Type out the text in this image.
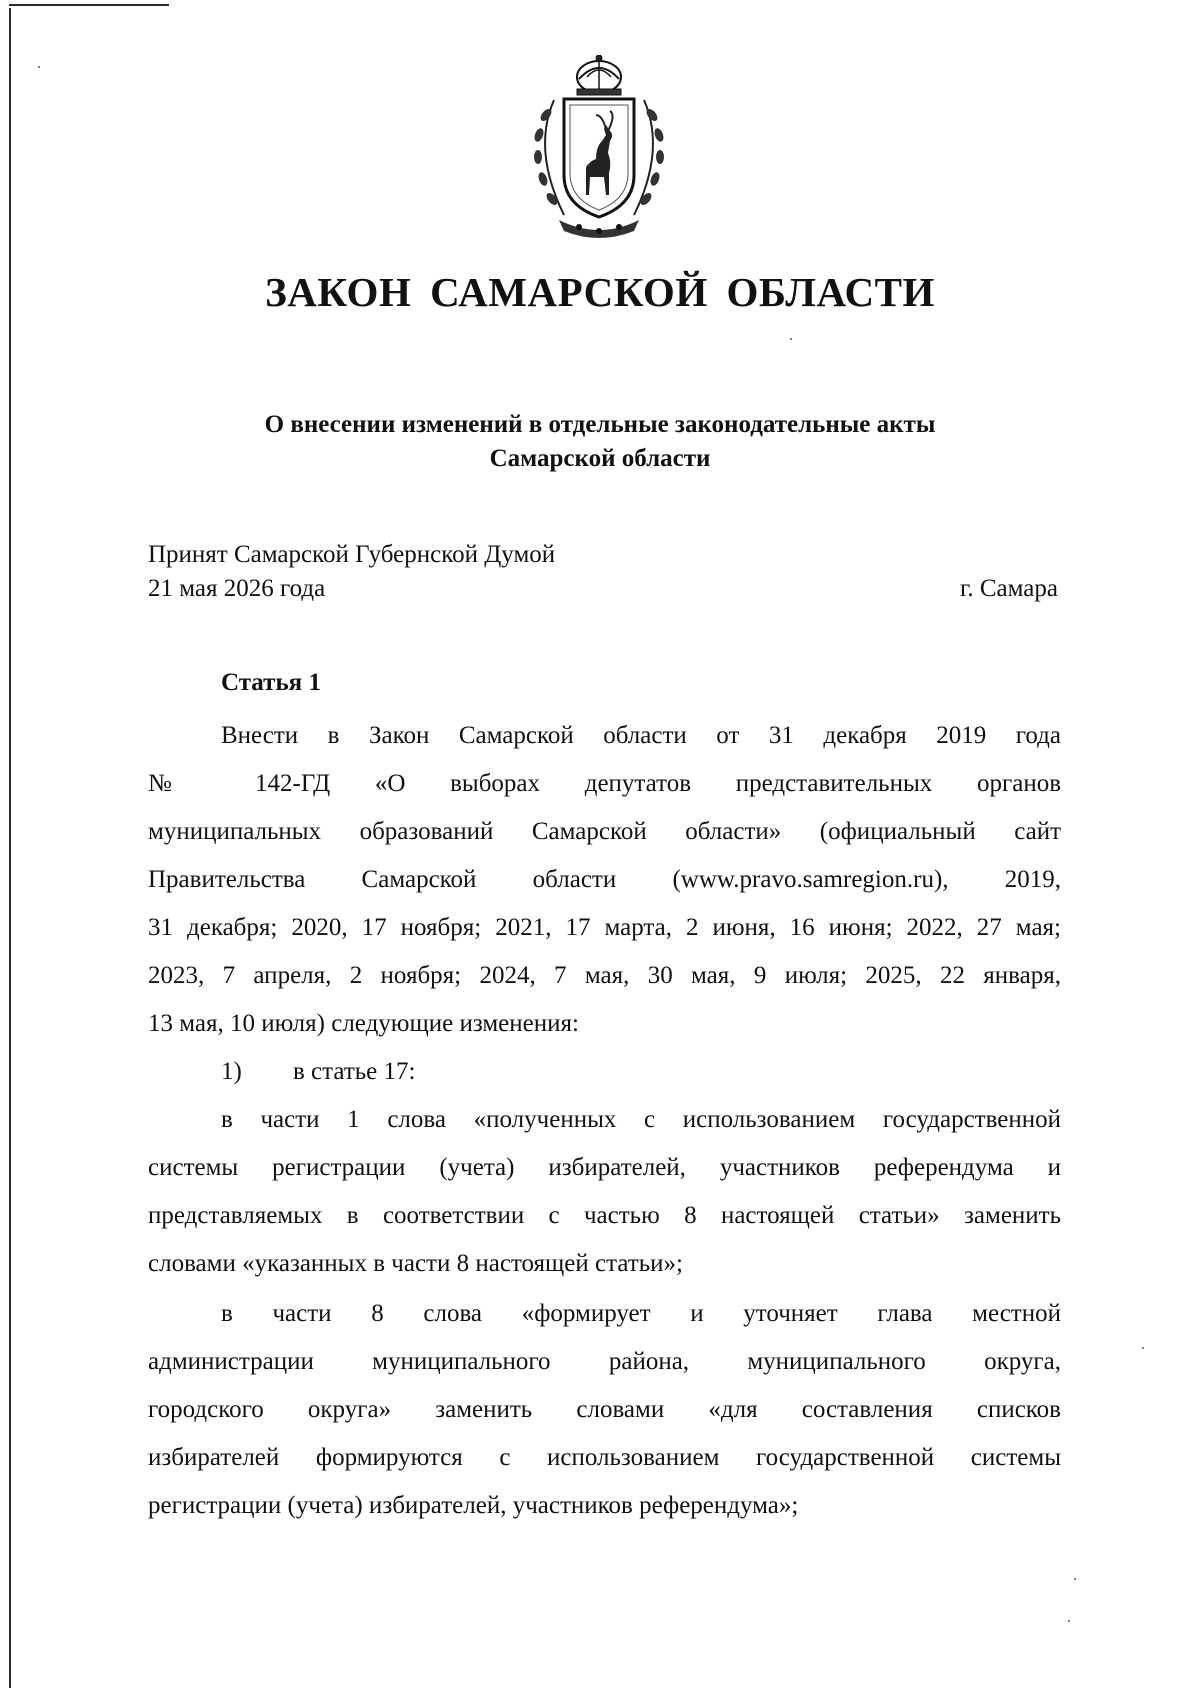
ЗАКОН САМАРСКОЙ ОБЛАСТИ
О внесении изменений в отдельные законодательные акты
Самарской области
Принят Самарской Губернской Думой
21 мая 2026 года	г. Самара
Статья 1
Внести в Закон Самарской области от 31 декабря 2019 года
№ 142-ГД «О выборах депутатов представительных органов
муниципальных образований Самарской области» (официальный сайт
Правительства Самарской области (www.pravo.samregion.ru), 2019,
31 декабря; 2020, 17 ноября; 2021, 17 марта, 2 июня, 16 июня; 2022, 27 мая;
2023, 7 апреля, 2 ноября; 2024, 7 мая, 30 мая, 9 июля; 2025, 22 января,
13 мая, 10 июля) следующие изменения:
1) в статье 17:
в части 1 слова «полученных с использованием государственной
системы регистрации (учета) избирателей, участников референдума и
представляемых в соответствии с частью 8 настоящей статьи» заменить
словами «указанных в части 8 настоящей статьи»;
в части 8 слова «формирует и уточняет глава местной
администрации муниципального района, муниципального округа,
городского округа» заменить словами «для составления списков
избирателей формируются с использованием государственной системы
регистрации (учета) избирателей, участников референдума»;
